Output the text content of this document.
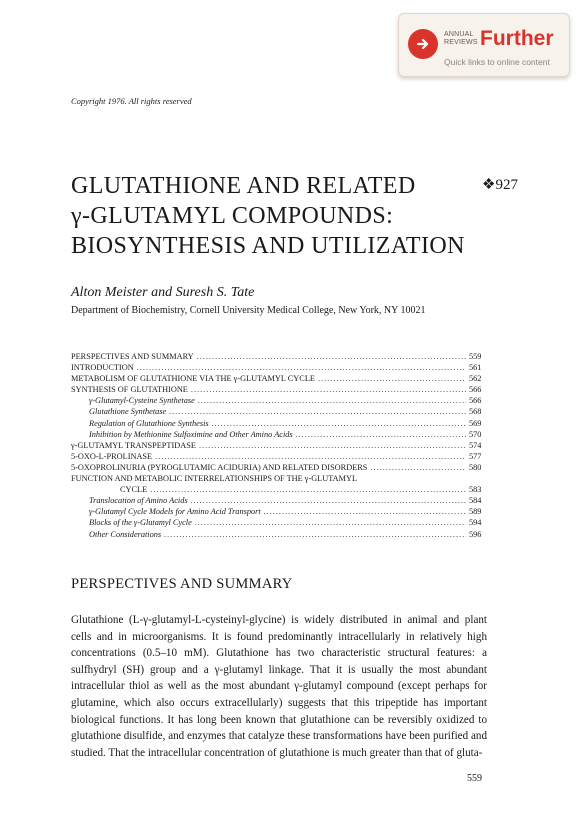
ANNUAL
REVIEWS Further
Quick links to online content
Copyright 1976. All rights reserved
GLUTATHIONE AND RELATED
γ-GLUTAMYL COMPOUNDS:
BIOSYNTHESIS AND UTILIZATION
❖927
Alton Meister and Suresh S. Tate
Department of Biochemistry, Cornell University Medical College, New York, NY 10021
PERSPECTIVES AND SUMMARY .....	559
INTRODUCTION .....	561
METABOLISM OF GLUTATHIONE VIA THE γ-GLUTAMYL CYCLE .....	562
SYNTHESIS OF GLUTATHIONE .....	566
γ-Glutamyl-Cysteine Synthetase .....	566
Glutathione Synthetase .....	568
Regulation of Glutathione Synthesis .....	569
Inhibition by Methionine Sulfoximine and Other Amino Acids .....	570
γ-GLUTAMYL TRANSPEPTIDASE .....	574
5-OXO-L-PROLINASE .....	577
5-OXOPROLINURIA (PYROGLUTAMIC ACIDURIA) AND RELATED DISORDERS .....	580
FUNCTION AND METABOLIC INTERRELATIONSHIPS OF THE γ-GLUTAMYL
CYCLE .....	583
Translocation of Amino Acids .....	584
γ-Glutamyl Cycle Models for Amino Acid Transport .....	589
Blocks of the γ-Glutamyl Cycle .....	594
Other Considerations .....	596
PERSPECTIVES AND SUMMARY

Glutathione (L-γ-glutamyl-L-cysteinyl-glycine) is widely distributed in animal and plant cells and in microorganisms. It is found predominantly intracellularly in relatively high concentrations (0.5–10 mM). Glutathione has two characteristic structural features: a sulfhydryl (SH) group and a γ-glutamyl linkage. That it is usually the most abundant intracellular thiol as well as the most abundant γ-glutamyl compound (except perhaps for glutamine, which also occurs extracellularly) suggests that this tripeptide has important biological functions. It has long been known that glutathione can be reversibly oxidized to glutathione disulfide, and enzymes that catalyze these transformations have been purified and studied. That the intracellular concentration of glutathione is much greater than that of gluta-

559
